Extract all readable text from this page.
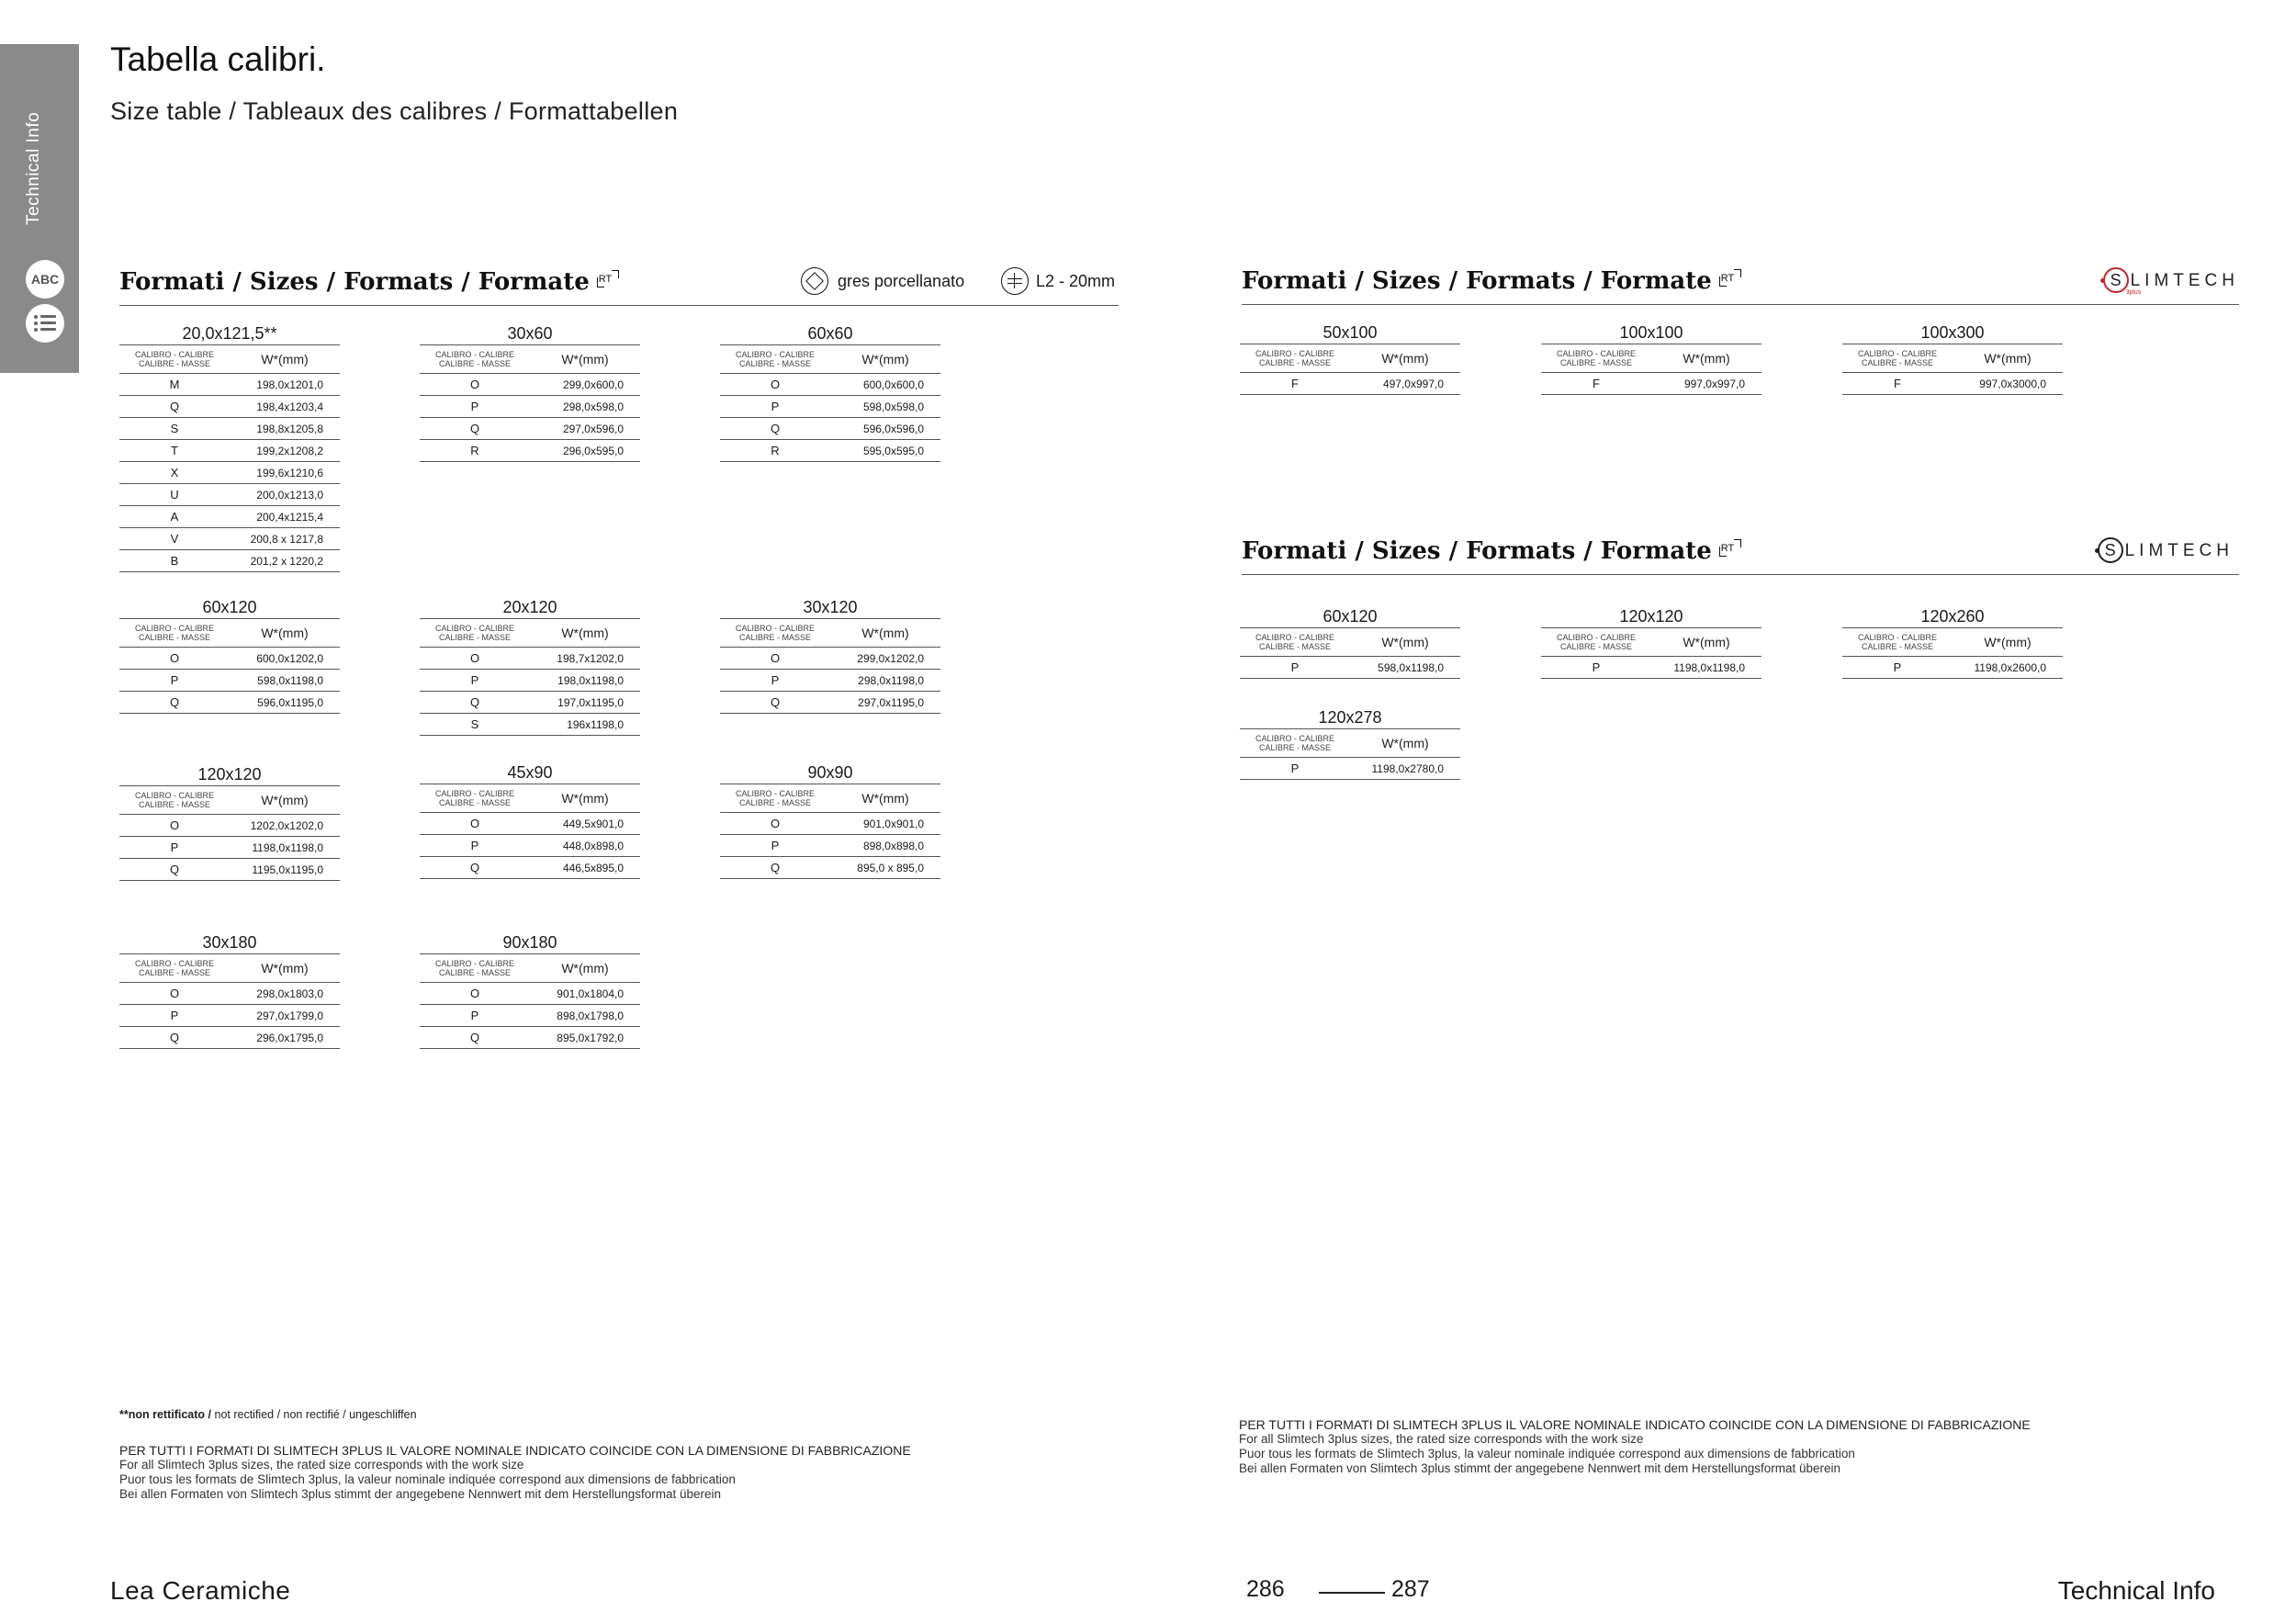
Technical Info
ABC
Tabella calibri.
Size table / Tableaux des calibres / Formattabellen
Formati / Sizes / Formats / Formate RT	gres porcellanato	L2 - 20mm	Formati / Sizes / Formats / Formate RT	S LIMTECH
3plus
Formati / Sizes / Formats / Formate RT	S LIMTECH
20,0x121,5**
CALIBRO - CALIBRE
CALIBRE - MASSE	W*(mm)
M	198,0x1201,0
Q	198,4x1203,4
S	198,8x1205,8
T	199,2x1208,2
X	199,6x1210,6
U	200,0x1213,0
A	200,4x1215,4
V	200,8 x 1217,8
B	201,2 x 1220,2
30x60
CALIBRO - CALIBRE
CALIBRE - MASSE	W*(mm)
O	299,0x600,0
P	298,0x598,0
Q	297,0x596,0
R	296,0x595,0
60x60
CALIBRO - CALIBRE
CALIBRE - MASSE	W*(mm)
O	600,0x600,0
P	598,0x598,0
Q	596,0x596,0
R	595,0x595,0
60x120
CALIBRO - CALIBRE
CALIBRE - MASSE	W*(mm)
O	600,0x1202,0
P	598,0x1198,0
Q	596,0x1195,0
20x120
CALIBRO - CALIBRE
CALIBRE - MASSE	W*(mm)
O	198,7x1202,0
P	198,0x1198,0
Q	197,0x1195,0
S	196x1198,0
30x120
CALIBRO - CALIBRE
CALIBRE - MASSE	W*(mm)
O	299,0x1202,0
P	298,0x1198,0
Q	297,0x1195,0
120x120
CALIBRO - CALIBRE
CALIBRE - MASSE	W*(mm)
O	1202,0x1202,0
P	1198,0x1198,0
Q	1195,0x1195,0
45x90
CALIBRO - CALIBRE
CALIBRE - MASSE	W*(mm)
O	449,5x901,0
P	448,0x898,0
Q	446,5x895,0
90x90
CALIBRO - CALIBRE
CALIBRE - MASSE	W*(mm)
O	901,0x901,0
P	898,0x898,0
Q	895,0 x 895,0
30x180
CALIBRO - CALIBRE
CALIBRE - MASSE	W*(mm)
O	298,0x1803,0
P	297,0x1799,0
Q	296,0x1795,0
90x180
CALIBRO - CALIBRE
CALIBRE - MASSE	W*(mm)
O	901,0x1804,0
P	898,0x1798,0
Q	895,0x1792,0
50x100
CALIBRO - CALIBRE
CALIBRE - MASSE	W*(mm)
F	497,0x997,0
100x100
CALIBRO - CALIBRE
CALIBRE - MASSE	W*(mm)
F	997,0x997,0
100x300
CALIBRO - CALIBRE
CALIBRE - MASSE	W*(mm)
F	997,0x3000,0
60x120
CALIBRO - CALIBRE
CALIBRE - MASSE	W*(mm)
P	598,0x1198,0
120x120
CALIBRO - CALIBRE
CALIBRE - MASSE	W*(mm)
P	1198,0x1198,0
120x260
CALIBRO - CALIBRE
CALIBRE - MASSE	W*(mm)
P	1198,0x2600,0
120x278
CALIBRO - CALIBRE
CALIBRE - MASSE	W*(mm)
P	1198,0x2780,0
**non rettificato / not rectified / non rectifié / ungeschliffen
PER TUTTI I FORMATI DI SLIMTECH 3PLUS IL VALORE NOMINALE INDICATO COINCIDE CON LA DIMENSIONE DI FABBRICAZIONE
For all Slimtech 3plus sizes, the rated size corresponds with the work size
Puor tous les formats de Slimtech 3plus, la valeur nominale indiquée correspond aux dimensions de fabbrication
Bei allen Formaten von Slimtech 3plus stimmt der angegebene Nennwert mit dem Herstellungsformat überein
PER TUTTI I FORMATI DI SLIMTECH 3PLUS IL VALORE NOMINALE INDICATO COINCIDE CON LA DIMENSIONE DI FABBRICAZIONE
For all Slimtech 3plus sizes, the rated size corresponds with the work size
Puor tous les formats de Slimtech 3plus, la valeur nominale indiquée correspond aux dimensions de fabbrication
Bei allen Formaten von Slimtech 3plus stimmt der angegebene Nennwert mit dem Herstellungsformat überein
Lea Ceramiche	286	287	Technical Info
